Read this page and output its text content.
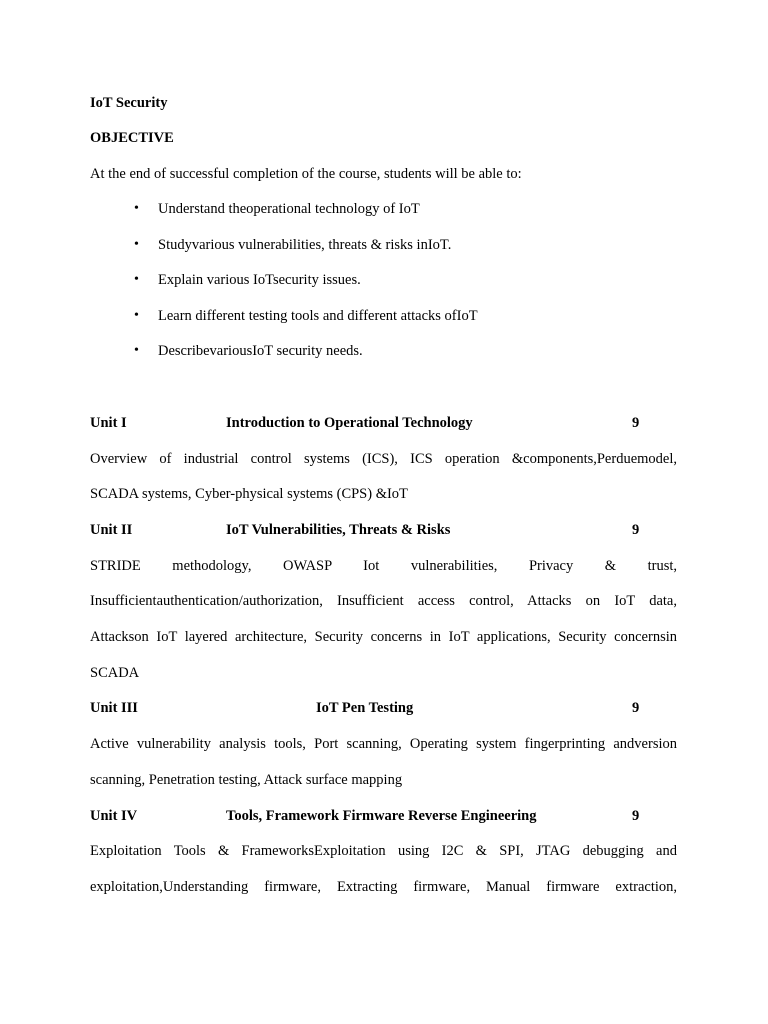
IoT Security
OBJECTIVE
At the end of successful completion of the course, students will be able to:
• Understand theoperational technology of IoT
• Studyvarious vulnerabilities, threats & risks inIoT.
• Explain various IoTsecurity issues.
• Learn different testing tools and different attacks ofIoT
• DescribevariousIoT security needs.
Unit I	Introduction to Operational Technology	9
Overview of industrial control systems (ICS), ICS operation &components,Perduemodel,
SCADA systems, Cyber-physical systems (CPS) &IoT
Unit II	IoT Vulnerabilities, Threats & Risks	9
STRIDE methodology, OWASP Iot vulnerabilities, Privacy & trust,
Insufficientauthentication/authorization, Insufficient access control, Attacks on IoT data,
Attackson IoT layered architecture, Security concerns in IoT applications, Security concernsin
SCADA
Unit III	IoT Pen Testing	9
Active vulnerability analysis tools, Port scanning, Operating system fingerprinting andversion
scanning, Penetration testing, Attack surface mapping
Unit IV	Tools, Framework Firmware Reverse Engineering	9
Exploitation Tools & FrameworksExploitation using I2C & SPI, JTAG debugging and
exploitation,Understanding firmware, Extracting firmware, Manual firmware extraction,
